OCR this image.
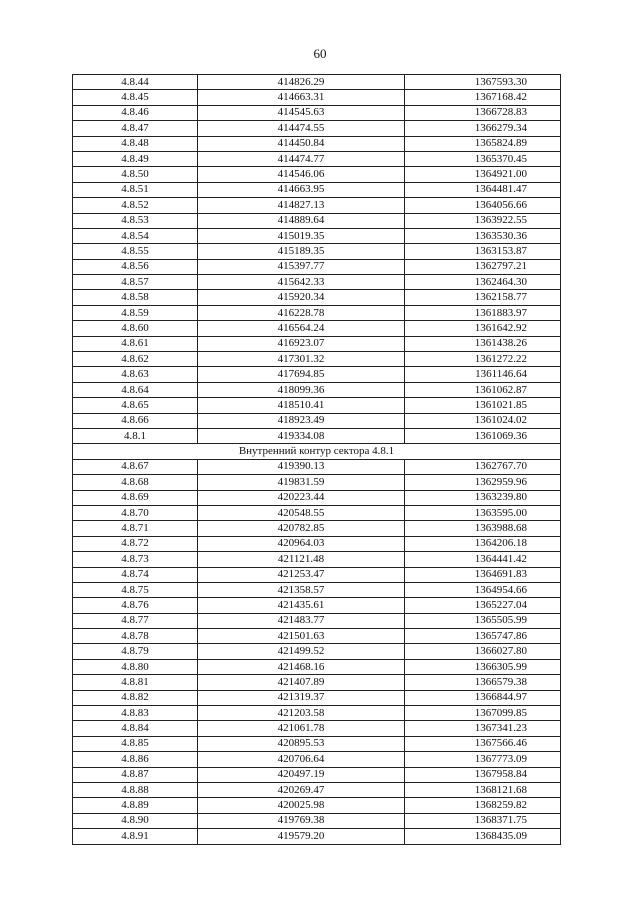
60
4.8.44	414826.29	1367593.30
4.8.45	414663.31	1367168.42
4.8.46	414545.63	1366728.83
4.8.47	414474.55	1366279.34
4.8.48	414450.84	1365824.89
4.8.49	414474.77	1365370.45
4.8.50	414546.06	1364921.00
4.8.51	414663.95	1364481.47
4.8.52	414827.13	1364056.66
4.8.53	414889.64	1363922.55
4.8.54	415019.35	1363530.36
4.8.55	415189.35	1363153.87
4.8.56	415397.77	1362797.21
4.8.57	415642.33	1362464.30
4.8.58	415920.34	1362158.77
4.8.59	416228.78	1361883.97
4.8.60	416564.24	1361642.92
4.8.61	416923.07	1361438.26
4.8.62	417301.32	1361272.22
4.8.63	417694.85	1361146.64
4.8.64	418099.36	1361062.87
4.8.65	418510.41	1361021.85
4.8.66	418923.49	1361024.02
4.8.1	419334.08	1361069.36
Внутренний контур сектора 4.8.1		
4.8.67	419390.13	1362767.70
4.8.68	419831.59	1362959.96
4.8.69	420223.44	1363239.80
4.8.70	420548.55	1363595.00
4.8.71	420782.85	1363988.68
4.8.72	420964.03	1364206.18
4.8.73	421121.48	1364441.42
4.8.74	421253.47	1364691.83
4.8.75	421358.57	1364954.66
4.8.76	421435.61	1365227.04
4.8.77	421483.77	1365505.99
4.8.78	421501.63	1365747.86
4.8.79	421499.52	1366027.80
4.8.80	421468.16	1366305.99
4.8.81	421407.89	1366579.38
4.8.82	421319.37	1366844.97
4.8.83	421203.58	1367099.85
4.8.84	421061.78	1367341.23
4.8.85	420895.53	1367566.46
4.8.86	420706.64	1367773.09
4.8.87	420497.19	1367958.84
4.8.88	420269.47	1368121.68
4.8.89	420025.98	1368259.82
4.8.90	419769.38	1368371.75
4.8.91	419579.20	1368435.09
